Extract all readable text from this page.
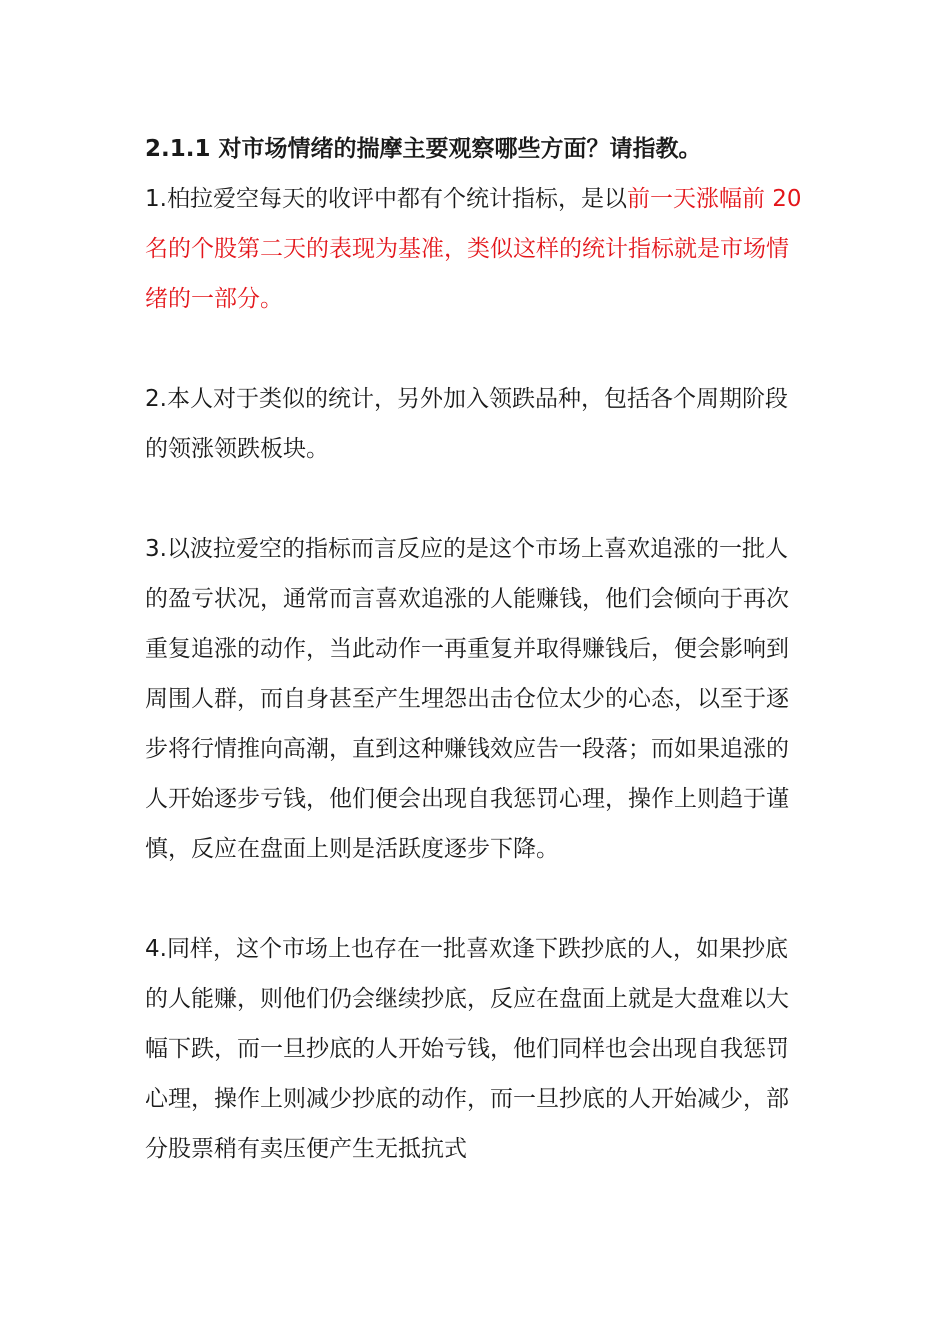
2.1.1 对市场情绪的揣摩主要观察哪些方面？请指教。

1.柏拉爱空每天的收评中都有个统计指标，是以前一天涨幅前 20 名的个股第二天的表现为基准，类似这样的统计指标就是市场情绪的一部分。

2.本人对于类似的统计，另外加入领跌品种，包括各个周期阶段的领涨领跌板块。

3.以波拉爱空的指标而言反应的是这个市场上喜欢追涨的一批人的盈亏状况，通常而言喜欢追涨的人能赚钱，他们会倾向于再次重复追涨的动作，当此动作一再重复并取得赚钱后，便会影响到周围人群，而自身甚至产生埋怨出击仓位太少的心态，以至于逐步将行情推向高潮，直到这种赚钱效应告一段落；而如果追涨的人开始逐步亏钱，他们便会出现自我惩罚心理，操作上则趋于谨慎，反应在盘面上则是活跃度逐步下降。

4.同样，这个市场上也存在一批喜欢逢下跌抄底的人，如果抄底的人能赚，则他们仍会继续抄底，反应在盘面上就是大盘难以大幅下跌，而一旦抄底的人开始亏钱，他们同样也会出现自我惩罚心理，操作上则减少抄底的动作，而一旦抄底的人开始减少，部分股票稍有卖压便产生无抵抗式
